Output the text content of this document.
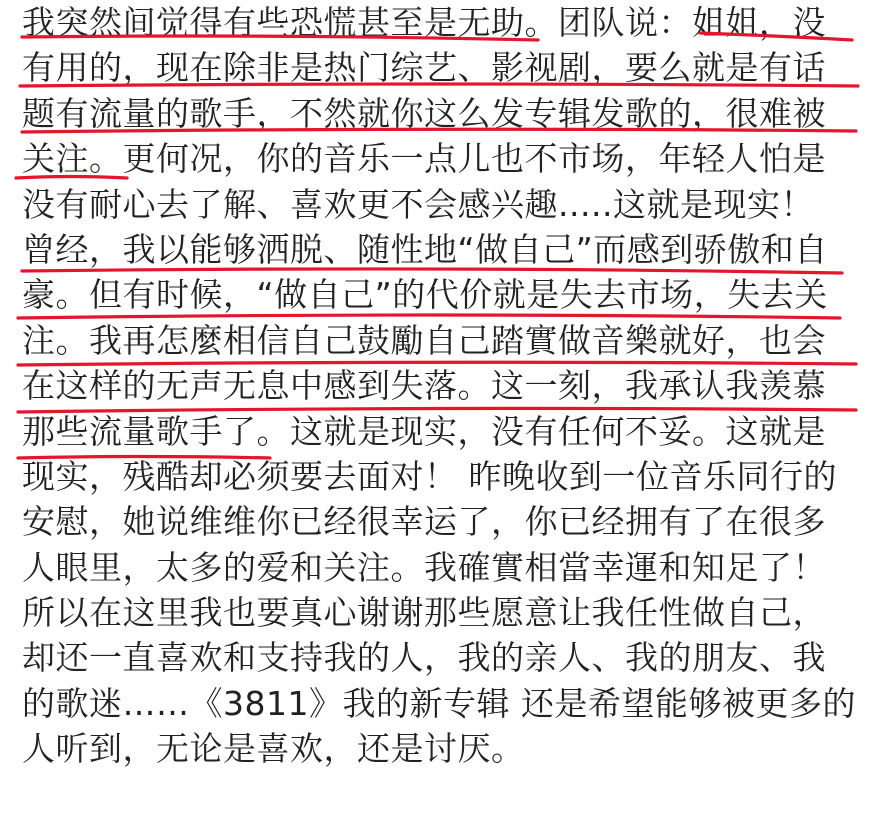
我突然间觉得有些恐慌甚至是无助。团队说：姐姐，没
有用的，现在除非是热门综艺、影视剧，要么就是有话
题有流量的歌手，不然就你这么发专辑发歌的，很难被
关注。更何况，你的音乐一点儿也不市场，年轻人怕是
没有耐心去了解、喜欢更不会感兴趣.....这就是现实！
曾经，我以能够洒脱、随性地“做自己”而感到骄傲和自
豪。但有时候，“做自己”的代价就是失去市场，失去关
注。我再怎麼相信自己鼓勵自己踏實做音樂就好，也会
在这样的无声无息中感到失落。这一刻，我承认我羡慕
那些流量歌手了。这就是现实，没有任何不妥。这就是
现实，残酷却必须要去面对！ 昨晚收到一位音乐同行的
安慰，她说维维你已经很幸运了，你已经拥有了在很多
人眼里，太多的爱和关注。我確實相當幸運和知足了！
所以在这里我也要真心谢谢那些愿意让我任性做自己，
却还一直喜欢和支持我的人，我的亲人、我的朋友、我
的歌迷……《3811》我的新专辑 还是希望能够被更多的
人听到，无论是喜欢，还是讨厌。
